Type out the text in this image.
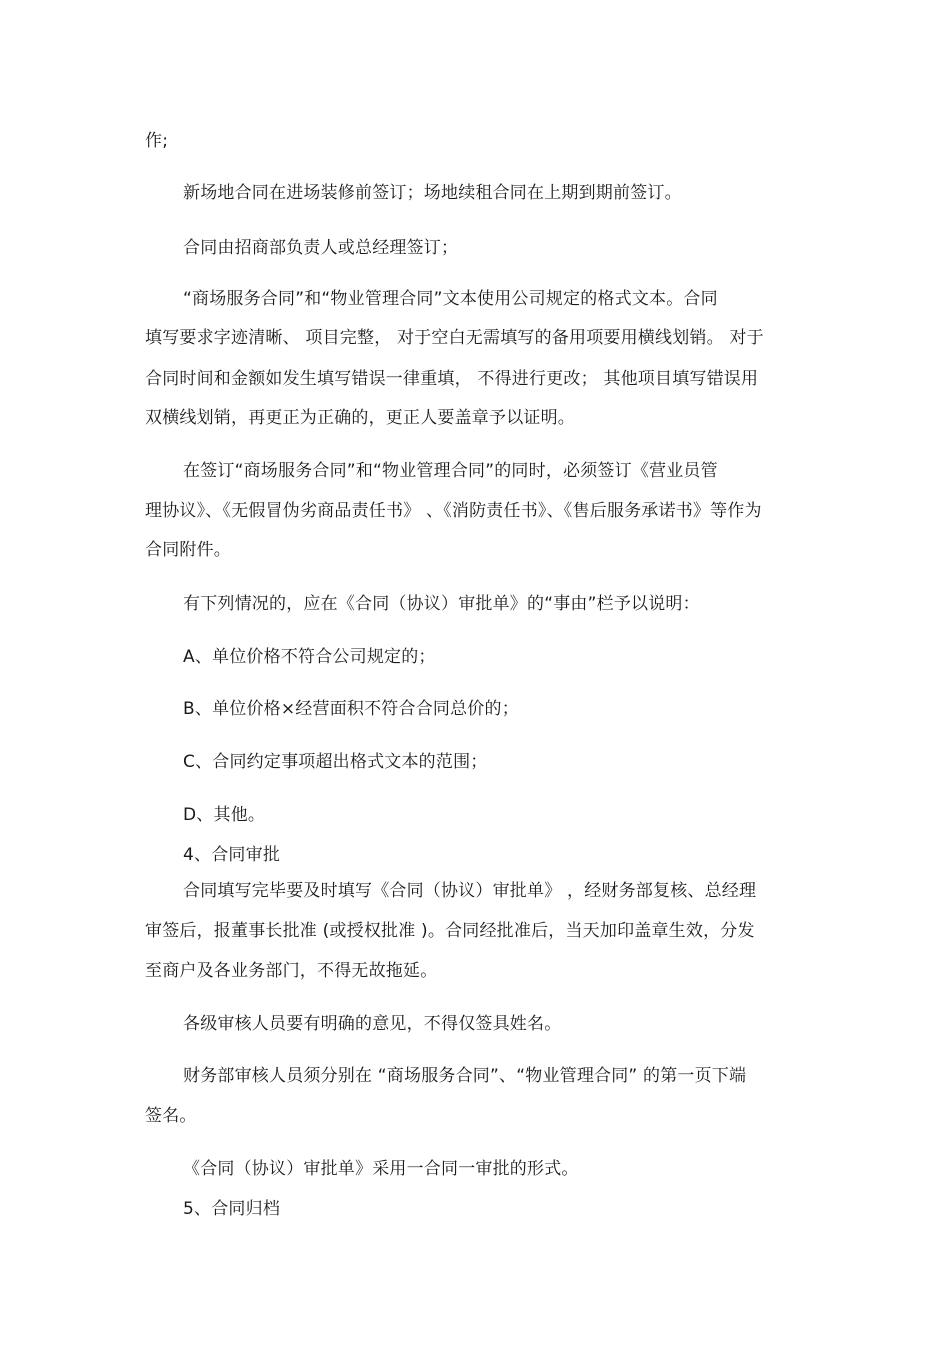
作;
新场地合同在进场装修前签订；场地续租合同在上期到期前签订。
合同由招商部负责人或总经理签订；
“商场服务合同”和“物业管理合同”文本使用公司规定的格式文本。合同
填写要求字迹清晰、 项目完整， 对于空白无需填写的备用项要用横线划销。 对于
合同时间和金额如发生填写错误一律重填， 不得进行更改； 其他项目填写错误用
双横线划销，再更正为正确的，更正人要盖章予以证明。
在签订“商场服务合同”和“物业管理合同”的同时，必须签订《营业员管
理协议》、《无假冒伪劣商品责任书》 、《消防责任书》、《售后服务承诺书》等作为
合同附件。
有下列情况的，应在《合同（协议）审批单》的“事由”栏予以说明：
A、单位价格不符合公司规定的；
B、单位价格×经营面积不符合合同总价的；
C、合同约定事项超出格式文本的范围；
D、其他。
4、合同审批
合同填写完毕要及时填写《合同（协议）审批单》 ，经财务部复核、总经理
审签后，报董事长批准 (或授权批准 )。合同经批准后，当天加印盖章生效，分发
至商户及各业务部门，不得无故拖延。
各级审核人员要有明确的意见，不得仅签具姓名。
财务部审核人员须分别在 “商场服务合同”、“物业管理合同” 的第一页下端
签名。
《合同（协议）审批单》采用一合同一审批的形式。
5、合同归档
